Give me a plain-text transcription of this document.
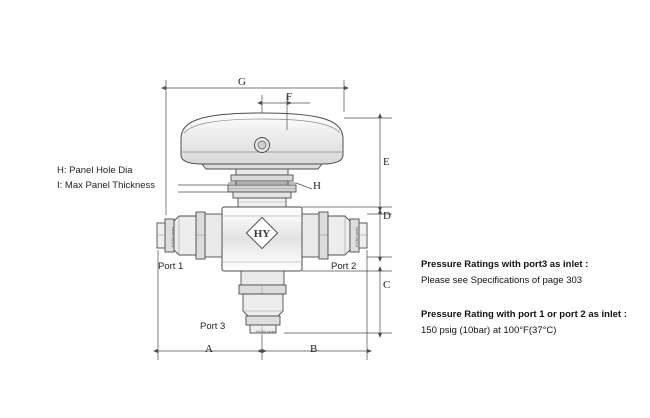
HY
G
F
E
D
C
A	B
H
H: Panel Hole Dia
I: Max Panel Thickness
Port 1	Port 2
Port 3
HY-BV series	HY-BV series
HY-BV series
Pressure Ratings with port3 as inlet :
Please see Specifications of page 303
Pressure Rating with port 1 or port 2 as inlet :
150 psig (10bar) at 100°F(37°C)
